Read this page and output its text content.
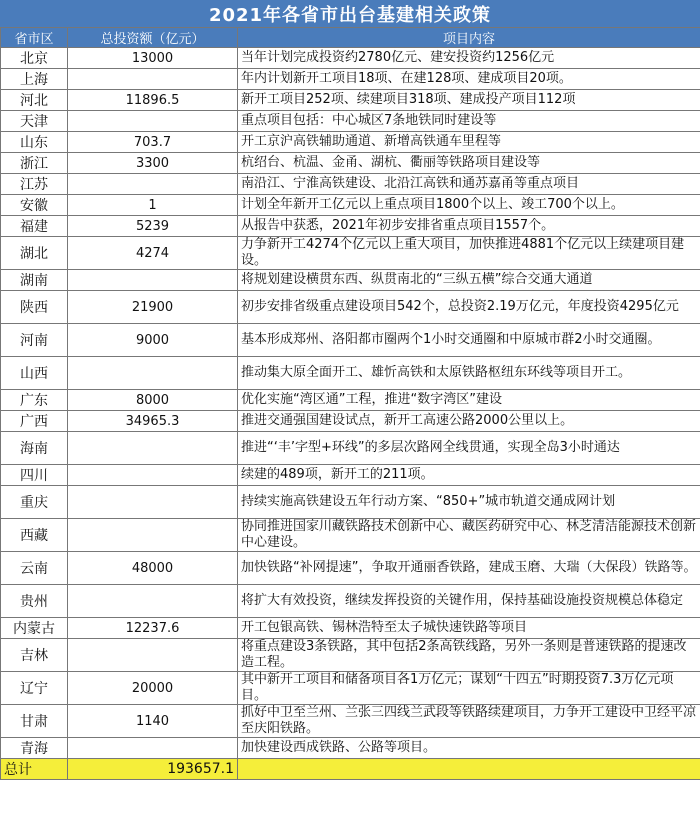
2021年各省市出台基建相关政策
省市区	总投资额（亿元）	项目内容
北京	13000	当年计划完成投资约2780亿元、建安投资约1256亿元
上海		年内计划新开工项目18项、在建128项、建成项目20项。
河北	11896.5	新开工项目252项、续建项目318项、建成投产项目112项
天津		重点项目包括：中心城区7条地铁同时建设等
山东	703.7	开工京沪高铁辅助通道、新增高铁通车里程等
浙江	3300	杭绍台、杭温、金甬、湖杭、衢丽等铁路项目建设等
江苏		南沿江、宁淮高铁建设、北沿江高铁和通苏嘉甬等重点项目
安徽	1	计划全年新开工亿元以上重点项目1800个以上、竣工700个以上。
福建	5239	从报告中获悉，2021年初步安排省重点项目1557个。
湖北	4274	力争新开工4274个亿元以上重大项目，加快推进4881个亿元以上续建项目建设。
湖南		将规划建设横贯东西、纵贯南北的“三纵五横”综合交通大通道
陕西	21900	初步安排省级重点建设项目542个，总投资2.19万亿元，年度投资4295亿元
河南	9000	基本形成郑州、洛阳都市圈两个1小时交通圈和中原城市群2小时交通圈。
山西		推动集大原全面开工、雄忻高铁和太原铁路枢纽东环线等项目开工。
广东	8000	优化实施“湾区通”工程，推进“数字湾区”建设
广西	34965.3	推进交通强国建设试点，新开工高速公路2000公里以上。
海南		推进“‘丰’字型+环线”的多层次路网全线贯通，实现全岛3小时通达
四川		续建的489项，新开工的211项。
重庆		持续实施高铁建设五年行动方案、“850+”城市轨道交通成网计划
西藏		协同推进国家川藏铁路技术创新中心、藏医药研究中心、林芝清洁能源技术创新中心建设。
云南	48000	加快铁路“补网提速”，争取开通丽香铁路，建成玉磨、大瑞（大保段）铁路等。
贵州		将扩大有效投资，继续发挥投资的关键作用，保持基础设施投资规模总体稳定
内蒙古	12237.6	开工包银高铁、锡林浩特至太子城快速铁路等项目
吉林		将重点建设3条铁路，其中包括2条高铁线路，另外一条则是普速铁路的提速改造工程。
辽宁	20000	其中新开工项目和储备项目各1万亿元；谋划“十四五”时期投资7.3万亿元项目。
甘肃	1140	抓好中卫至兰州、兰张三四线兰武段等铁路续建项目，力争开工建设中卫经平凉至庆阳铁路。
青海		加快建设西成铁路、公路等项目。
总计	193657.1	
